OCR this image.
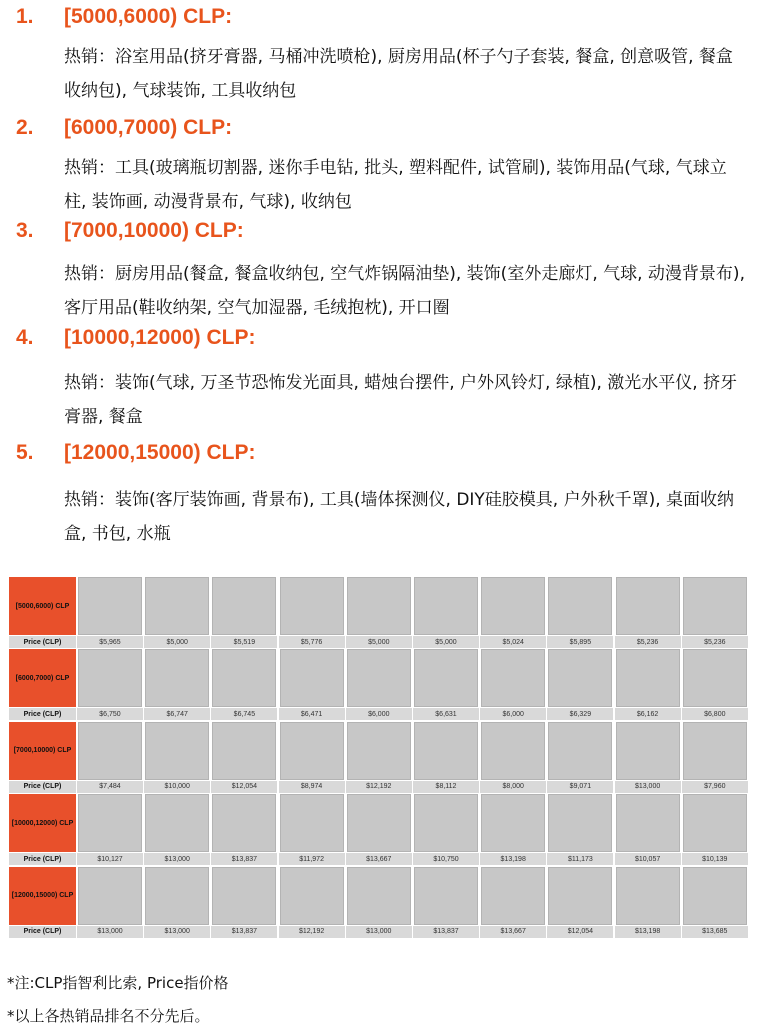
1.	[5000,6000) CLP:
热销：浴室用品(挤牙膏器, 马桶冲洗喷枪), 厨房用品(杯子勺子套装, 餐盒, 创意吸管, 餐盒收纳包), 气球装饰, 工具收纳包
2.	[6000,7000) CLP:
热销：工具(玻璃瓶切割器, 迷你手电钻, 批头, 塑料配件, 试管刷), 装饰用品(气球, 气球立柱, 装饰画, 动漫背景布, 气球), 收纳包
3.	[7000,10000) CLP:
热销：厨房用品(餐盒, 餐盒收纳包, 空气炸锅隔油垫), 装饰(室外走廊灯, 气球, 动漫背景布), 客厅用品(鞋收纳架, 空气加湿器, 毛绒抱枕), 开口圈
4.	[10000,12000) CLP:
热销：装饰(气球, 万圣节恐怖发光面具, 蜡烛台摆件, 户外风铃灯, 绿植), 激光水平仪, 挤牙膏器, 餐盒
5.	[12000,15000) CLP:
热销：装饰(客厅装饰画, 背景布), 工具(墙体探测仪, DIY硅胶模具, 户外秋千罩), 桌面收纳盒, 书包, 水瓶
[5000,6000) CLP
Price (CLP)	$5,965	$5,000	$5,519	$5,776	$5,000	$5,000	$5,024	$5,895	$5,236	$5,236
[6000,7000) CLP
Price (CLP)	$6,750	$6,747	$6,745	$6,471	$6,000	$6,631	$6,000	$6,329	$6,162	$6,800
[7000,10000) CLP
Price (CLP)	$7,484	$10,000	$12,054	$8,974	$12,192	$8,112	$8,000	$9,071	$13,000	$7,960
[10000,12000) CLP
Price (CLP)	$10,127	$13,000	$13,837	$11,972	$13,667	$10,750	$13,198	$11,173	$10,057	$10,139
[12000,15000) CLP
Price (CLP)	$13,000	$13,000	$13,837	$12,192	$13,000	$13,837	$13,667	$12,054	$13,198	$13,685
*注:CLP指智利比索, Price指价格
*以上各热销品排名不分先后。
